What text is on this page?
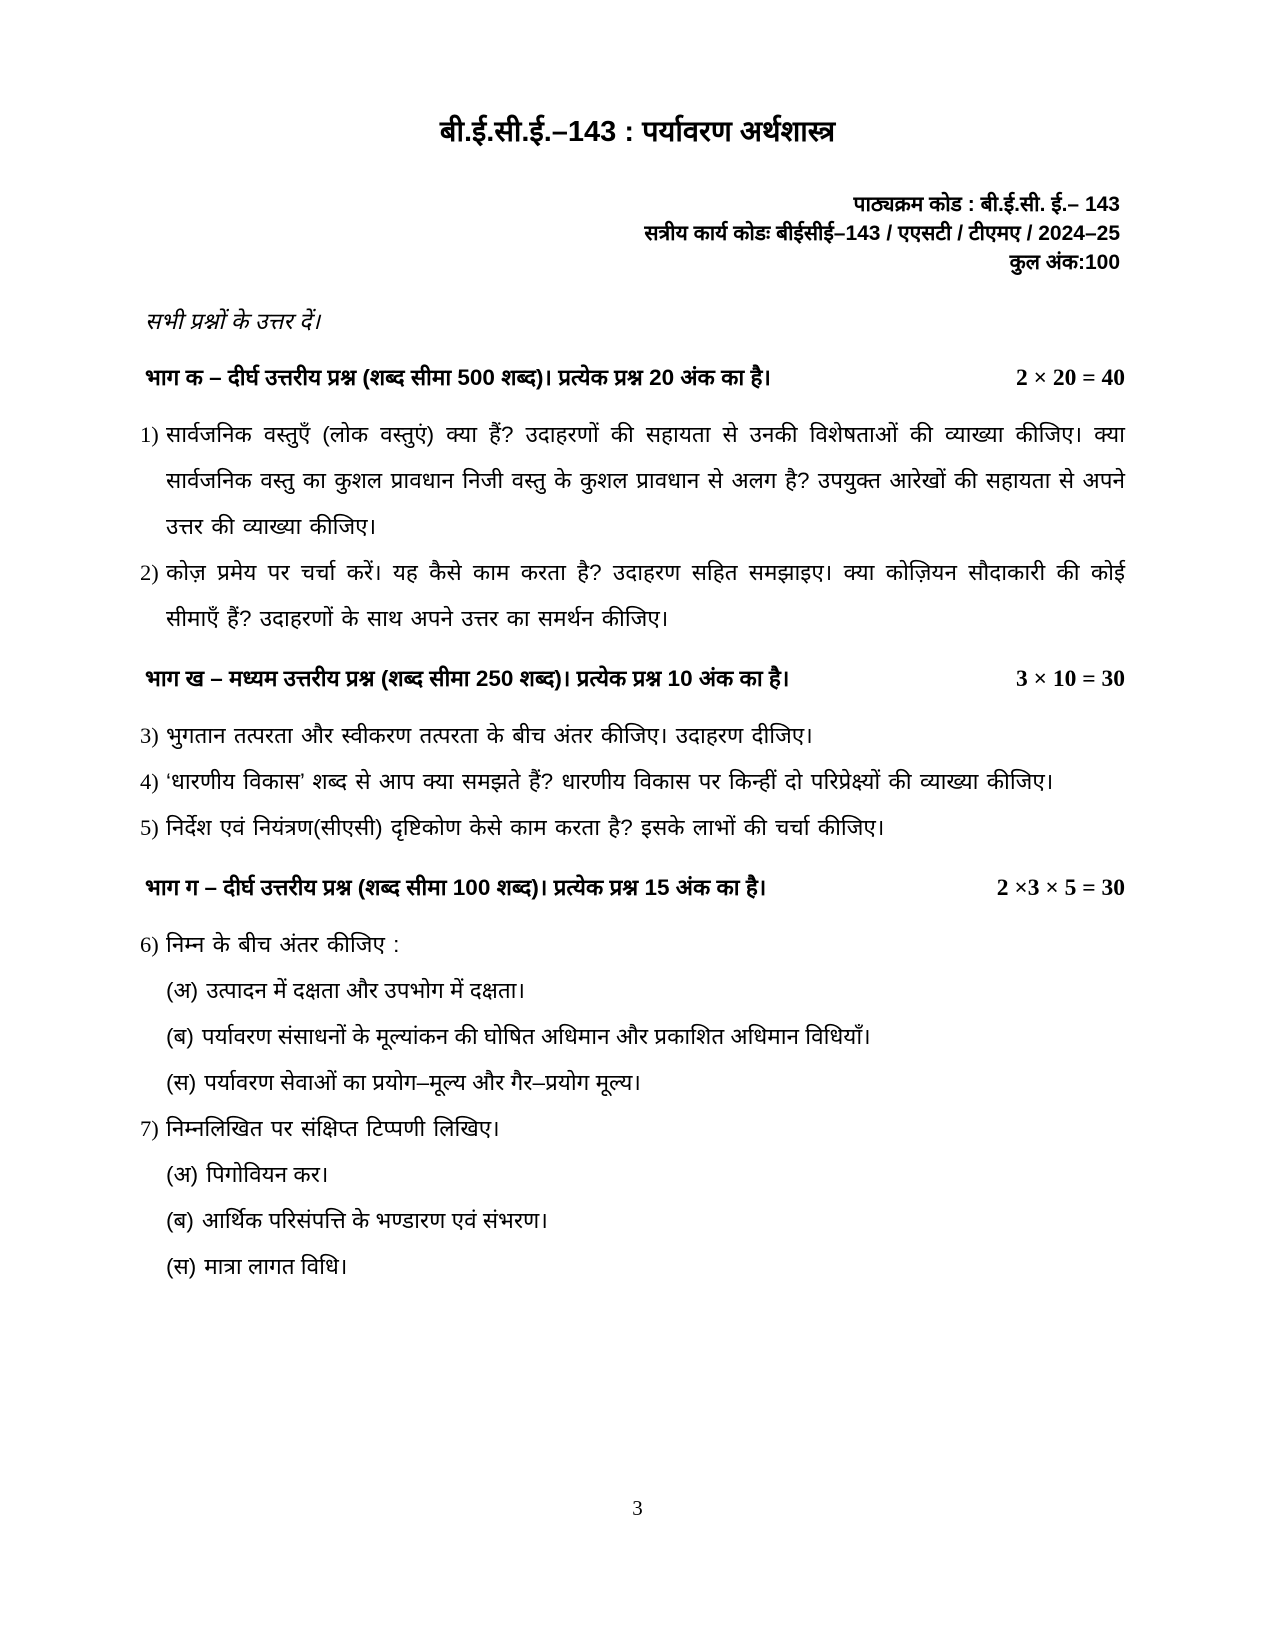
बी.ई.सी.ई.–143 : पर्यावरण अर्थशास्त्र
पाठ्यक्रम कोड : बी.ई.सी. ई.– 143
सत्रीय कार्य कोडः बीईसीई–143 / एएसटी / टीएमए / 2024–25
कुल अंक:100
सभी प्रश्नों के उत्तर दें।
भाग क – दीर्घ उत्तरीय प्रश्न (शब्द सीमा 500 शब्द)। प्रत्येक प्रश्न 20 अंक का है।	2 × 20 = 40
1) सार्वजनिक वस्तुएँ (लोक वस्तुएं) क्या हैं? उदाहरणों की सहायता से उनकी विशेषताओं की व्याख्या कीजिए। क्या सार्वजनिक वस्तु का कुशल प्रावधान निजी वस्तु के कुशल प्रावधान से अलग है? उपयुक्त आरेखों की सहायता से अपने उत्तर की व्याख्या कीजिए।
2) कोज़ प्रमेय पर चर्चा करें। यह कैसे काम करता है? उदाहरण सहित समझाइए। क्या कोज़ियन सौदाकारी की कोई सीमाएँ हैं? उदाहरणों के साथ अपने उत्तर का समर्थन कीजिए।
भाग ख – मध्यम उत्तरीय प्रश्न (शब्द सीमा 250 शब्द)। प्रत्येक प्रश्न 10 अंक का है।	3 × 10 = 30
3) भुगतान तत्परता और स्वीकरण तत्परता के बीच अंतर कीजिए। उदाहरण दीजिए।
4) ‘धारणीय विकास’ शब्द से आप क्या समझते हैं? धारणीय विकास पर किन्हीं दो परिप्रेक्ष्यों की व्याख्या कीजिए।
5) निर्देश एवं नियंत्रण(सीएसी) दृष्टिकोण केसे काम करता है? इसके लाभों की चर्चा कीजिए।
भाग ग – दीर्घ उत्तरीय प्रश्न (शब्द सीमा 100 शब्द)। प्रत्येक प्रश्न 15 अंक का है।	2 ×3 × 5 = 30
6) निम्न के बीच अंतर कीजिए :
(अ) उत्पादन में दक्षता और उपभोग में दक्षता।
(ब) पर्यावरण संसाधनों के मूल्यांकन की घोषित अधिमान और प्रकाशित अधिमान विधियाँ।
(स) पर्यावरण सेवाओं का प्रयोग–मूल्य और गैर–प्रयोग मूल्य।
7) निम्नलिखित पर संक्षिप्त टिप्पणी लिखिए।
(अ) पिगोवियन कर।
(ब) आर्थिक परिसंपत्ति के भण्डारण एवं संभरण।
(स) मात्रा लागत विधि।
3
